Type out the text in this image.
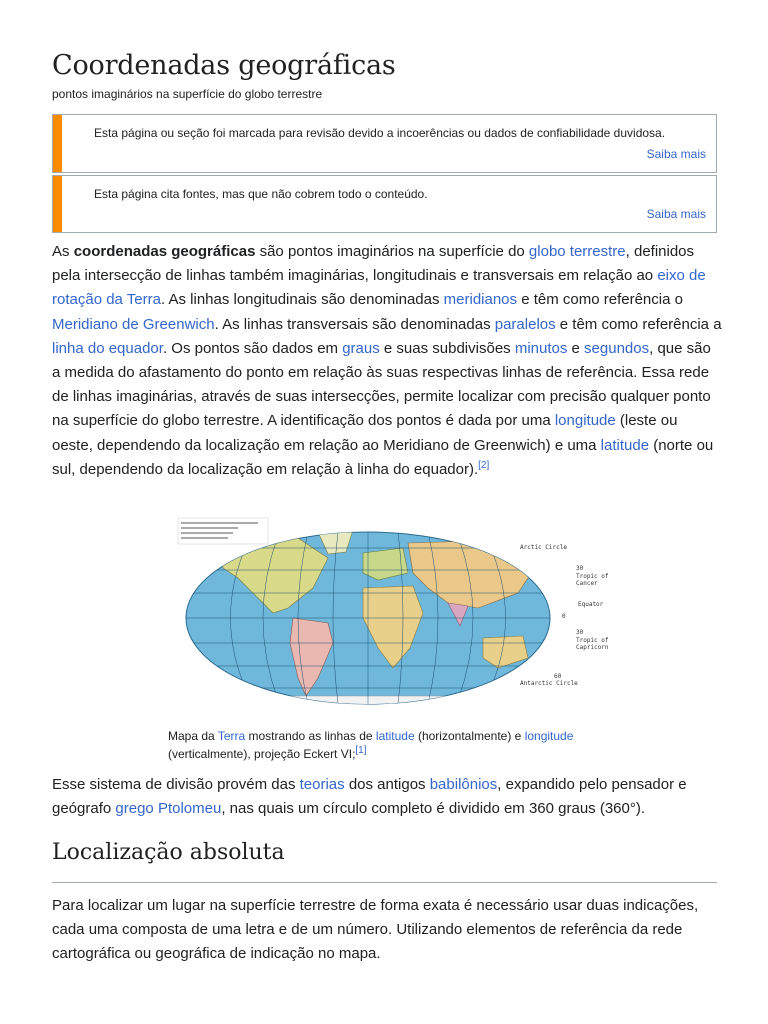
Coordenadas geográficas
pontos imaginários na superfície do globo terrestre
Esta página ou seção foi marcada para revisão devido a incoerências ou dados de confiabilidade duvidosa.
Saiba mais
Esta página cita fontes, mas que não cobrem todo o conteúdo.
Saiba mais
As coordenadas geográficas são pontos imaginários na superfície do globo terrestre, definidos pela intersecção de linhas também imaginárias, longitudinais e transversais em relação ao eixo de rotação da Terra. As linhas longitudinais são denominadas meridianos e têm como referência o Meridiano de Greenwich. As linhas transversais são denominadas paralelos e têm como referência a linha do equador. Os pontos são dados em graus e suas subdivisões minutos e segundos, que são a medida do afastamento do ponto em relação às suas respectivas linhas de referência. Essa rede de linhas imaginárias, através de suas intersecções, permite localizar com precisão qualquer ponto na superfície do globo terrestre. A identificação dos pontos é dada por uma longitude (leste ou oeste, dependendo da localização em relação ao Meridiano de Greenwich) e uma latitude (norte ou sul, dependendo da localização em relação à linha do equador).[2]
Arctic Circle
30
Tropic of
Cancer
0
Equator
30
Tropic of
Capricorn
60
Antarctic Circle
Mapa da Terra mostrando as linhas de latitude (horizontalmente) e longitude (verticalmente), projeção Eckert VI;[1]
Esse sistema de divisão provém das teorias dos antigos babilônios, expandido pelo pensador e geógrafo grego Ptolomeu, nas quais um círculo completo é dividido em 360 graus (360°).
Localização absoluta
Para localizar um lugar na superfície terrestre de forma exata é necessário usar duas indicações, cada uma composta de uma letra e de um número. Utilizando elementos de referência da rede cartográfica ou geográfica de indicação no mapa.
